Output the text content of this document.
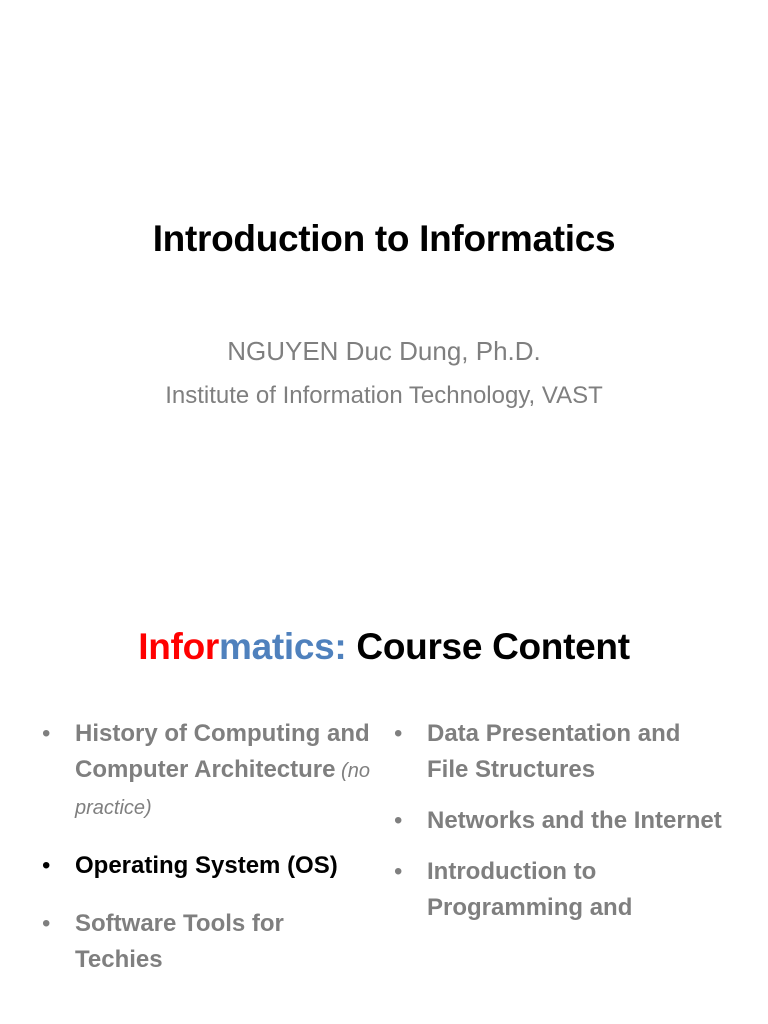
Introduction to Informatics
NGUYEN Duc Dung, Ph.D.
Institute of Information Technology, VAST
Informatics: Course Content
• History of Computing and Computer Architecture (no practice)
• Operating System (OS)
• Software Tools for Techies
• Data Presentation and File Structures
• Networks and the Internet
• Introduction to Programming and
